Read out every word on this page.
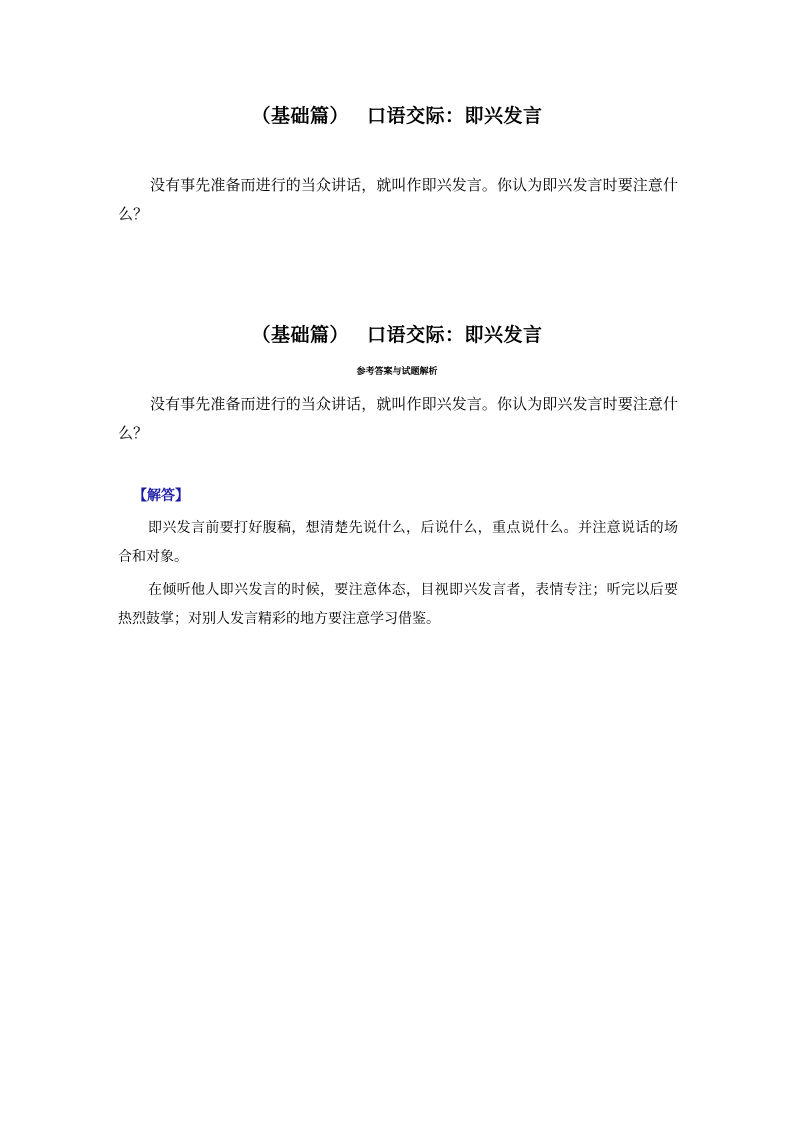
（基础篇） 口语交际：即兴发言

没有事先准备而进行的当众讲话，就叫作即兴发言。你认为即兴发言时要注意什么？

（基础篇） 口语交际：即兴发言
参考答案与试题解析

没有事先准备而进行的当众讲话，就叫作即兴发言。你认为即兴发言时要注意什么？

【解答】

即兴发言前要打好腹稿，想清楚先说什么，后说什么，重点说什么。并注意说话的场合和对象。

在倾听他人即兴发言的时候，要注意体态，目视即兴发言者，表情专注；听完以后要热烈鼓掌；对别人发言精彩的地方要注意学习借鉴。
